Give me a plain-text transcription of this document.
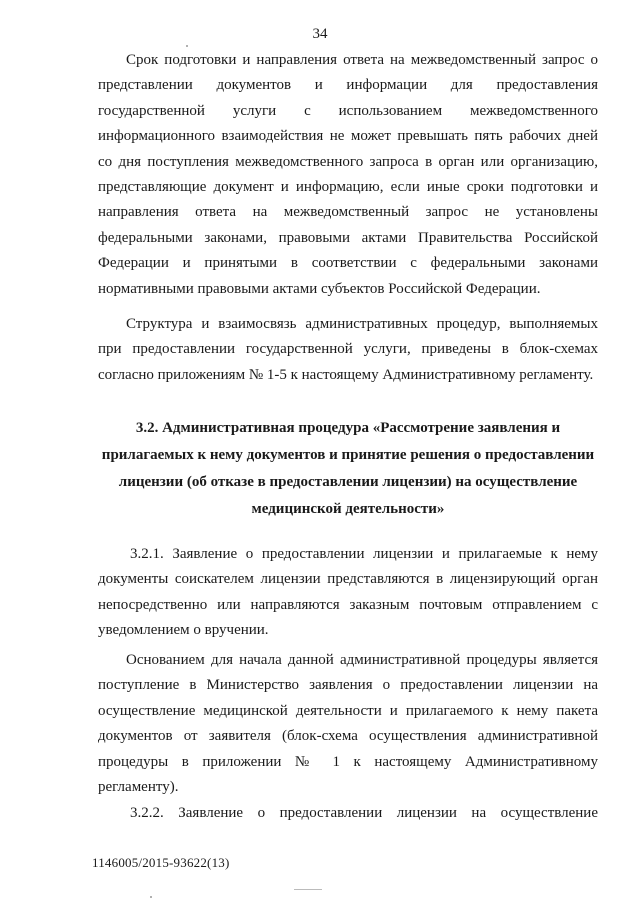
34

Срок подготовки и направления ответа на межведомственный запрос о
представлении документов и информации для предоставления
государственной услуги с использованием межведомственного
информационного взаимодействия не может превышать пять рабочих дней
со дня поступления межведомственного запроса в орган или организацию,
представляющие документ и информацию, если иные сроки подготовки и
направления ответа на межведомственный запрос не установлены
федеральными законами, правовыми актами Правительства Российской
Федерации и принятыми в соответствии с федеральными законами
нормативными правовыми актами субъектов Российской Федерации.

Структура и взаимосвязь административных процедур, выполняемых
при предоставлении государственной услуги, приведены в блок-схемах
согласно приложениям № 1-5 к настоящему Административному регламенту.

3.2. Административная процедура «Рассмотрение заявления и
прилагаемых к нему документов и принятие решения о предоставлении
лицензии (об отказе в предоставлении лицензии) на осуществление
медицинской деятельности»

3.2.1. Заявление о предоставлении лицензии и прилагаемые к нему
документы соискателем лицензии представляются в лицензирующий орган
непосредственно или направляются заказным почтовым отправлением с
уведомлением о вручении.

Основанием для начала данной административной процедуры является
поступление в Министерство заявления о предоставлении лицензии на
осуществление медицинской деятельности и прилагаемого к нему пакета
документов от заявителя (блок-схема осуществления административной
процедуры в приложении № 1 к настоящему Административному
регламенту).

3.2.2. Заявление о предоставлении лицензии на осуществление

1146005/2015-93622(13)
